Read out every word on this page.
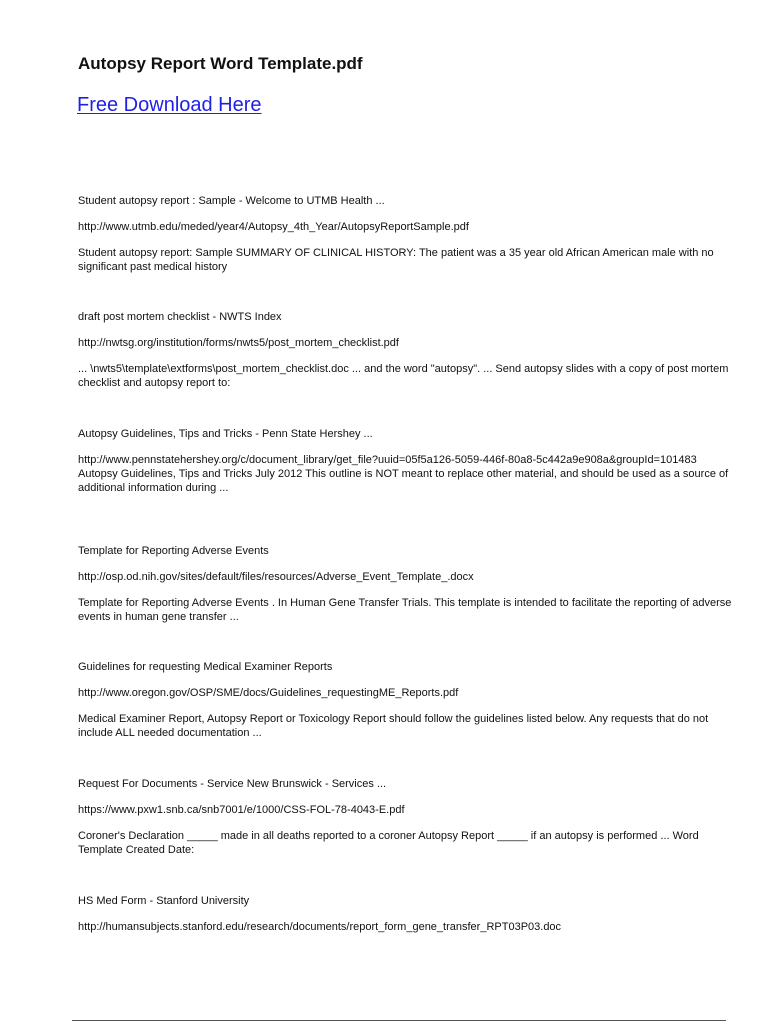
Autopsy Report Word Template.pdf
Free Download Here
Student autopsy report : Sample - Welcome to UTMB Health ...
http://www.utmb.edu/meded/year4/Autopsy_4th_Year/AutopsyReportSample.pdf
Student autopsy report: Sample SUMMARY OF CLINICAL HISTORY: The patient was a 35 year old African American male with no significant past medical history
draft post mortem checklist - NWTS Index
http://nwtsg.org/institution/forms/nwts5/post_mortem_checklist.pdf
... \nwts5\template\extforms\post_mortem_checklist.doc ... and the word "autopsy". ... Send autopsy slides with a copy of post mortem checklist and autopsy report to:
Autopsy Guidelines, Tips and Tricks - Penn State Hershey ...
http://www.pennstatehershey.org/c/document_library/get_file?uuid=05f5a126-5059-446f-80a8-5c442a9e908a&groupId=101483
Autopsy Guidelines, Tips and Tricks July 2012 This outline is NOT meant to replace other material, and should be used as a source of additional information during ...
Template for Reporting Adverse Events
http://osp.od.nih.gov/sites/default/files/resources/Adverse_Event_Template_.docx
Template for Reporting Adverse Events . In Human Gene Transfer Trials. This template is intended to facilitate the reporting of adverse events in human gene transfer ...
Guidelines for requesting Medical Examiner Reports
http://www.oregon.gov/OSP/SME/docs/Guidelines_requestingME_Reports.pdf
Medical Examiner Report, Autopsy Report or Toxicology Report should follow the guidelines listed below. Any requests that do not include ALL needed documentation ...
Request For Documents - Service New Brunswick - Services ...
https://www.pxw1.snb.ca/snb7001/e/1000/CSS-FOL-78-4043-E.pdf
Coroner's Declaration _____ made in all deaths reported to a coroner Autopsy Report _____ if an autopsy is performed ... Word Template Created Date:
HS Med Form - Stanford University
http://humansubjects.stanford.edu/research/documents/report_form_gene_transfer_RPT03P03.doc
